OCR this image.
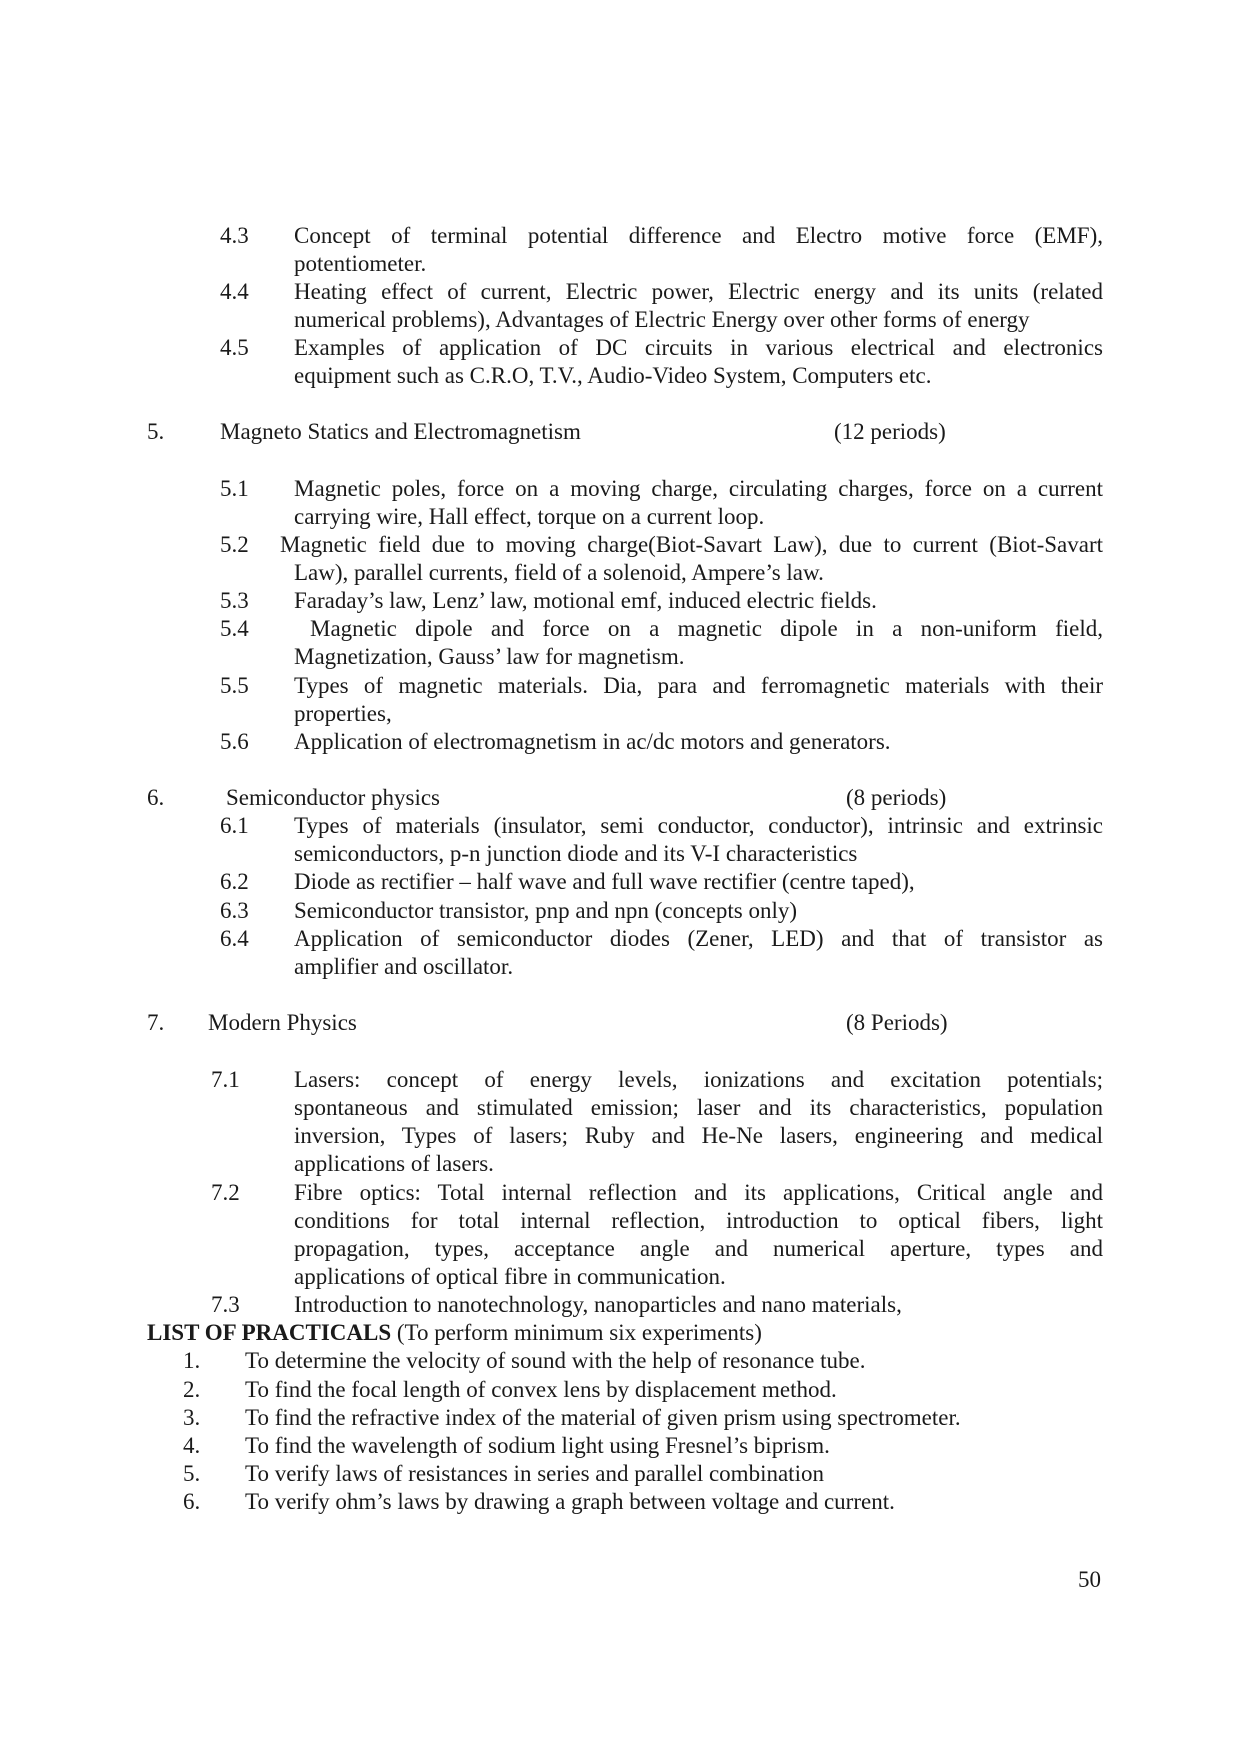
4.3 Concept of terminal potential difference and Electro motive force (EMF),
potentiometer.
4.4 Heating effect of current, Electric power, Electric energy and its units (related
numerical problems), Advantages of Electric Energy over other forms of energy
4.5 Examples of application of DC circuits in various electrical and electronics
equipment such as C.R.O, T.V., Audio-Video System, Computers etc.
5. Magneto Statics and Electromagnetism	(12 periods)
5.1 Magnetic poles, force on a moving charge, circulating charges, force on a current
carrying wire, Hall effect, torque on a current loop.
5.2 Magnetic field due to moving charge(Biot-Savart Law), due to current (Biot-Savart
Law), parallel currents, field of a solenoid, Ampere’s law.
5.3 Faraday’s law, Lenz’ law, motional emf, induced electric fields.
5.4	Magnetic dipole and force on a magnetic dipole in a non-uniform field,
Magnetization, Gauss’ law for magnetism.
5.5 Types of magnetic materials. Dia, para and ferromagnetic materials with their
properties,
5.6 Application of electromagnetism in ac/dc motors and generators.
6.	Semiconductor physics	(8 periods)
6.1 Types of materials (insulator, semi conductor, conductor), intrinsic and extrinsic
semiconductors, p-n junction diode and its V-I characteristics
6.2 Diode as rectifier – half wave and full wave rectifier (centre taped),
6.3 Semiconductor transistor, pnp and npn (concepts only)
6.4 Application of semiconductor diodes (Zener, LED) and that of transistor as
amplifier and oscillator.
7. Modern Physics	(8 Periods)
7.1 Lasers: concept of energy levels, ionizations and excitation potentials;
spontaneous and stimulated emission; laser and its characteristics, population
inversion, Types of lasers; Ruby and He-Ne lasers, engineering and medical
applications of lasers.
7.2 Fibre optics: Total internal reflection and its applications, Critical angle and
conditions for total internal reflection, introduction to optical fibers, light
propagation, types, acceptance angle and numerical aperture, types and
applications of optical fibre in communication.
7.3 Introduction to nanotechnology, nanoparticles and nano materials,
LIST OF PRACTICALS (To perform minimum six experiments)
1. To determine the velocity of sound with the help of resonance tube.
2. To find the focal length of convex lens by displacement method.
3. To find the refractive index of the material of given prism using spectrometer.
4. To find the wavelength of sodium light using Fresnel’s biprism.
5. To verify laws of resistances in series and parallel combination
6. To verify ohm’s laws by drawing a graph between voltage and current.
50
